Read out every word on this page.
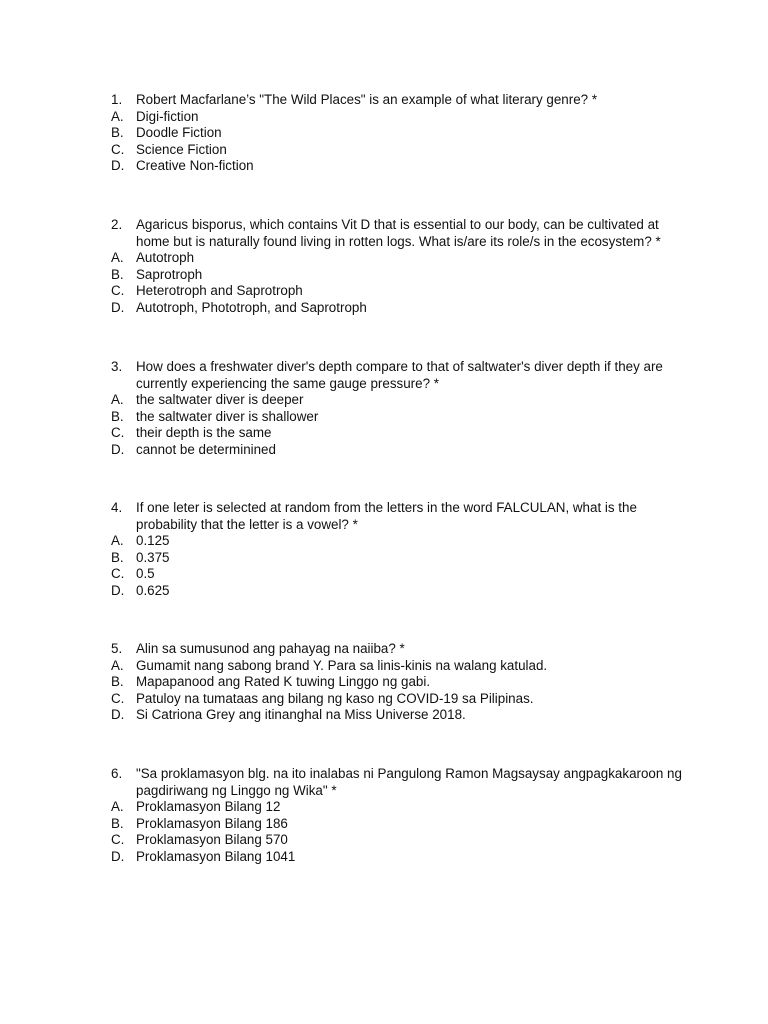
1.	Robert Macfarlane’s "The Wild Places" is an example of what literary genre? *
A. Digi-fiction
B. Doodle Fiction
C. Science Fiction
D. Creative Non-fiction
2.	Agaricus bisporus, which contains Vit D that is essential to our body, can be cultivated at home but is naturally found living in rotten logs. What is/are its role/s in the ecosystem? *
A. Autotroph
B. Saprotroph
C. Heterotroph and Saprotroph
D. Autotroph, Phototroph, and Saprotroph
3.	How does a freshwater diver's depth compare to that of saltwater's diver depth if they are currently experiencing the same gauge pressure? *
A. the saltwater diver is deeper
B. the saltwater diver is shallower
C. their depth is the same
D. cannot be determinined
4.	If one leter is selected at random from the letters in the word FALCULAN, what is the probability that the letter is a vowel? *
A. 0.125
B. 0.375
C. 0.5
D. 0.625
5.	Alin sa sumusunod ang pahayag na naiiba? *
A. Gumamit nang sabong brand Y. Para sa linis-kinis na walang katulad.
B. Mapapanood ang Rated K tuwing Linggo ng gabi.
C. Patuloy na tumataas ang bilang ng kaso ng COVID-19 sa Pilipinas.
D. Si Catriona Grey ang itinanghal na Miss Universe 2018.
6.	"Sa proklamasyon blg. na ito inalabas ni Pangulong Ramon Magsaysay angpagkakaroon ng pagdiriwang ng Linggo ng Wika" *
A. Proklamasyon Bilang 12
B. Proklamasyon Bilang 186
C. Proklamasyon Bilang 570
D. Proklamasyon Bilang 1041
